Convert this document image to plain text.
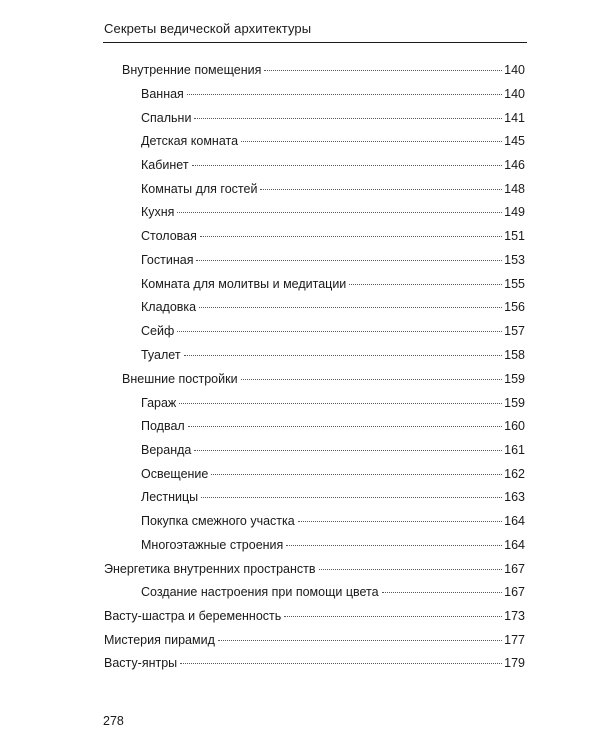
Секреты ведической архитектуры
Внутренние помещения	140
Ванная	140
Спальни	141
Детская комната	145
Кабинет	146
Комнаты для гостей	148
Кухня	149
Столовая	151
Гостиная	153
Комната для молитвы и медитации	155
Кладовка	156
Сейф	157
Туалет	158
Внешние постройки	159
Гараж	159
Подвал	160
Веранда	161
Освещение	162
Лестницы	163
Покупка смежного участка	164
Многоэтажные строения	164
Энергетика внутренних пространств	167
Создание настроения при помощи цвета	167
Васту-шастра и беременность	173
Мистерия пирамид	177
Васту-янтры	179
278
